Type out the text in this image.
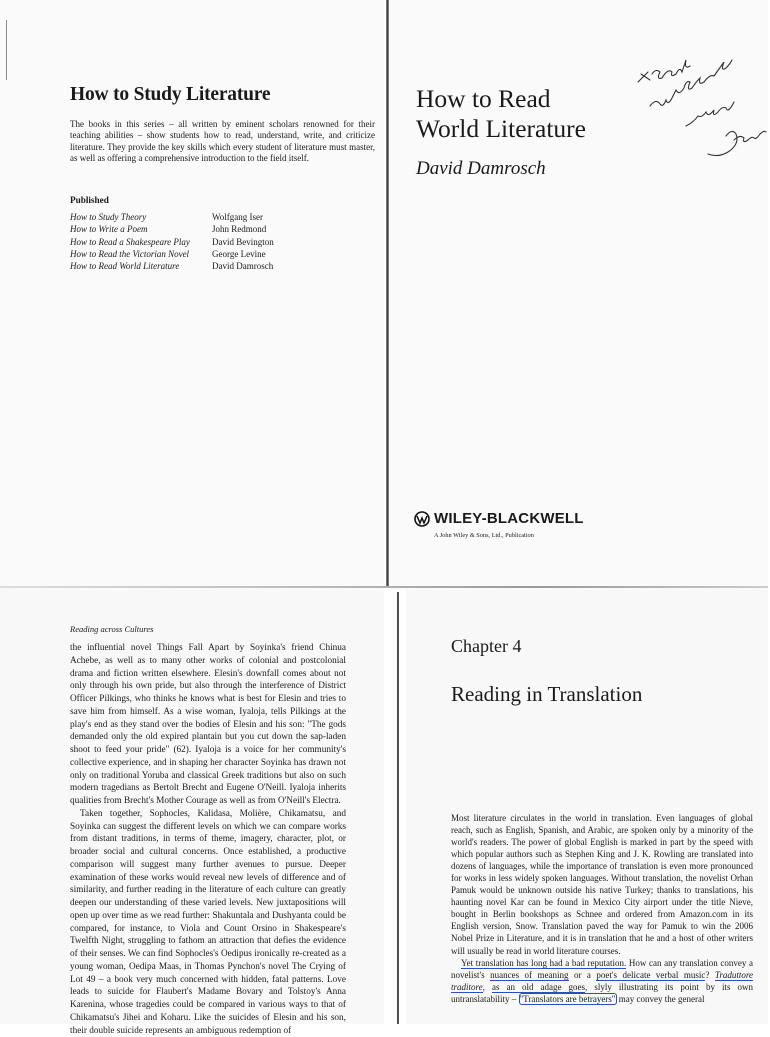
How to Study Literature
The books in this series – all written by eminent scholars renowned for their teaching abilities – show students how to read, understand, write, and criticize literature. They provide the key skills which every student of literature must master, as well as offering a comprehensive introduction to the field itself.
Published
How to Study Theory	Wolfgang Iser
How to Write a Poem	John Redmond
How to Read a Shakespeare Play	David Bevington
How to Read the Victorian Novel	George Levine
How to Read World Literature	David Damrosch
How to Read
World Literature
David Damrosch
WILEY-BLACKWELL
A John Wiley & Sons, Ltd., Publication
Reading across Cultures

the influential novel Things Fall Apart by Soyinka's friend Chinua Achebe, as well as to many other works of colonial and postcolonial drama and fiction written elsewhere. Elesin's downfall comes about not only through his own pride, but also through the interference of District Officer Pilkings, who thinks he knows what is best for Elesin and tries to save him from himself. As a wise woman, Iyaloja, tells Pilkings at the play's end as they stand over the bodies of Elesin and his son: "The gods demanded only the old expired plantain but you cut down the sap-laden shoot to feed your pride" (62). Iyaloja is a voice for her community's collective experience, and in shaping her character Soyinka has drawn not only on traditional Yoruba and classical Greek traditions but also on such modern tragedians as Bertolt Brecht and Eugene O'Neill. Iyaloja inherits qualities from Brecht's Mother Courage as well as from O'Neill's Electra.

Taken together, Sophocles, Kalidasa, Molière, Chikamatsu, and Soyinka can suggest the different levels on which we can compare works from distant traditions, in terms of theme, imagery, character, plot, or broader social and cultural concerns. Once established, a productive comparison will suggest many further avenues to pursue. Deeper examination of these works would reveal new levels of difference and of similarity, and further reading in the literature of each culture can greatly deepen our understanding of these varied levels. New juxtapositions will open up over time as we read further: Shakuntala and Dushyanta could be compared, for instance, to Viola and Count Orsino in Shakespeare's Twelfth Night, struggling to fathom an attraction that defies the evidence of their senses. We can find Sophocles's Oedipus ironically re-created as a young woman, Oedipa Maas, in Thomas Pynchon's novel The Crying of Lot 49 – a book very much concerned with hidden, fatal patterns. Love leads to suicide for Flaubert's Madame Bovary and Tolstoy's Anna Karenina, whose tragedies could be compared in various ways to that of Chikamatsu's Jihei and Koharu. Like the suicides of Elesin and his son, their double suicide represents an ambiguous redemption of

Chapter 4
Reading in Translation

Most literature circulates in the world in translation. Even languages of global reach, such as English, Spanish, and Arabic, are spoken only by a minority of the world's readers. The power of global English is marked in part by the speed with which popular authors such as Stephen King and J. K. Rowling are translated into dozens of languages, while the importance of translation is even more pronounced for works in less widely spoken languages. Without translation, the novelist Orhan Pamuk would be unknown outside his native Turkey; thanks to translations, his haunting novel Kar can be found in Mexico City airport under the title Nieve, bought in Berlin bookshops as Schnee and ordered from Amazon.com in its English version, Snow. Translation paved the way for Pamuk to win the 2006 Nobel Prize in Literature, and it is in translation that he and a host of other writers will usually be read in world literature courses.

Yet translation has long had a bad reputation. How can any translation convey a novelist's nuances of meaning or a poet's delicate verbal music? Traduttore traditore, as an old adage goes, slyly illustrating its point by its own untranslatability – "Translators are betrayers" may convey the general
